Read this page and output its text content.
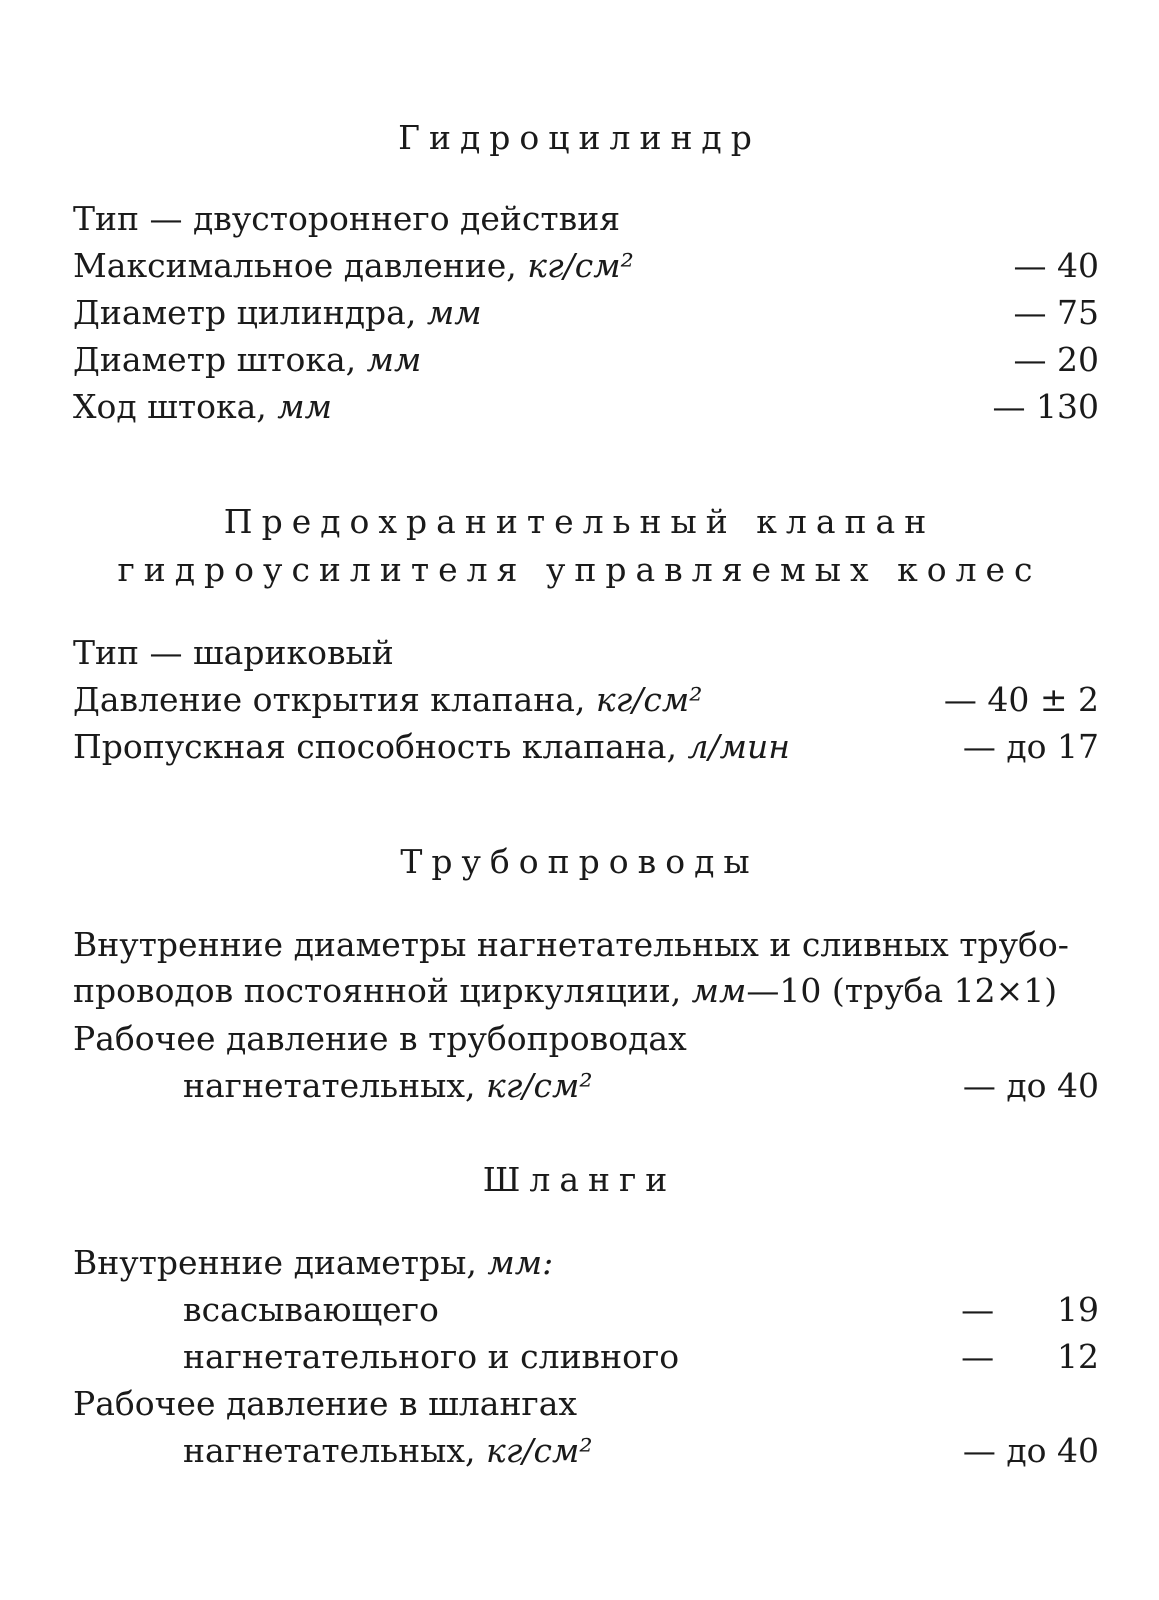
Гидроцилиндр
Тип — двустороннего действия
Максимальное давление, кг/см²	— 40
Диаметр цилиндра, мм	— 75
Диаметр штока, мм	— 20
Ход штока, мм	— 130
Предохранительный клапан
гидроусилителя управляемых колес
Тип — шариковый
Давление открытия клапана, кг/см²	— 40 ± 2
Пропускная способность клапана, л/мин	— до 17
Трубопроводы

Внутренние диаметры нагнетательных и сливных трубо-
проводов постоянной циркуляции, мм—10 (труба 12×1)

Рабочее давление в трубопроводах
нагнетательных, кг/см²	— до 40
Шланги
Внутренние диаметры, мм:
всасывающего	—      19
нагнетательного и сливного	—      12
Рабочее давление в шлангах
нагнетательных, кг/см²	— до 40
